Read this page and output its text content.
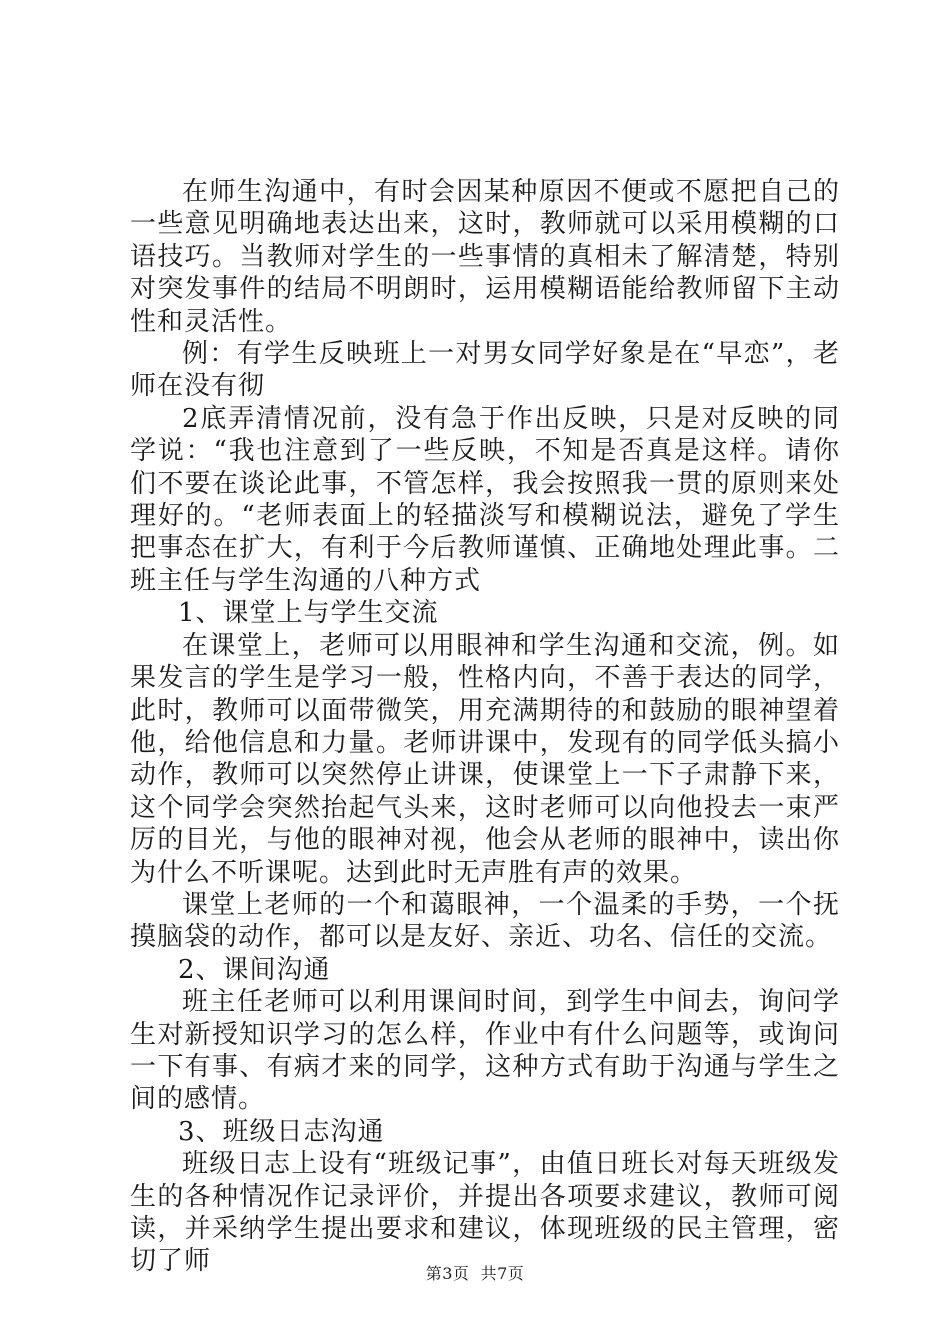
在师生沟通中，有时会因某种原因不便或不愿把自己的一些意见明确地表达出来，这时，教师就可以采用模糊的口语技巧。当教师对学生的一些事情的真相未了解清楚，特别对突发事件的结局不明朗时，运用模糊语能给教师留下主动性和灵活性。

例：有学生反映班上一对男女同学好象是在“早恋”，老师在没有彻

2底弄清情况前，没有急于作出反映，只是对反映的同学说：“我也注意到了一些反映，不知是否真是这样。请你们不要在谈论此事，不管怎样，我会按照我一贯的原则来处理好的。“老师表面上的轻描淡写和模糊说法，避免了学生把事态在扩大，有利于今后教师谨慎、正确地处理此事。二班主任与学生沟通的八种方式

1、课堂上与学生交流

在课堂上，老师可以用眼神和学生沟通和交流，例。如果发言的学生是学习一般，性格内向，不善于表达的同学，此时，教师可以面带微笑，用充满期待的和鼓励的眼神望着他，给他信息和力量。老师讲课中，发现有的同学低头搞小动作，教师可以突然停止讲课，使课堂上一下子肃静下来，这个同学会突然抬起气头来，这时老师可以向他投去一束严厉的目光，与他的眼神对视，他会从老师的眼神中，读出你为什么不听课呢。达到此时无声胜有声的效果。

课堂上老师的一个和蔼眼神，一个温柔的手势，一个抚摸脑袋的动作，都可以是友好、亲近、功名、信任的交流。

2、课间沟通

班主任老师可以利用课间时间，到学生中间去，询问学生对新授知识学习的怎么样，作业中有什么问题等，或询问一下有事、有病才来的同学，这种方式有助于沟通与学生之间的感情。

3、班级日志沟通

班级日志上设有“班级记事”，由值日班长对每天班级发生的各种情况作记录评价，并提出各项要求建议，教师可阅读，并采纳学生提出要求和建议，体现班级的民主管理，密切了师	第3页  共7页
